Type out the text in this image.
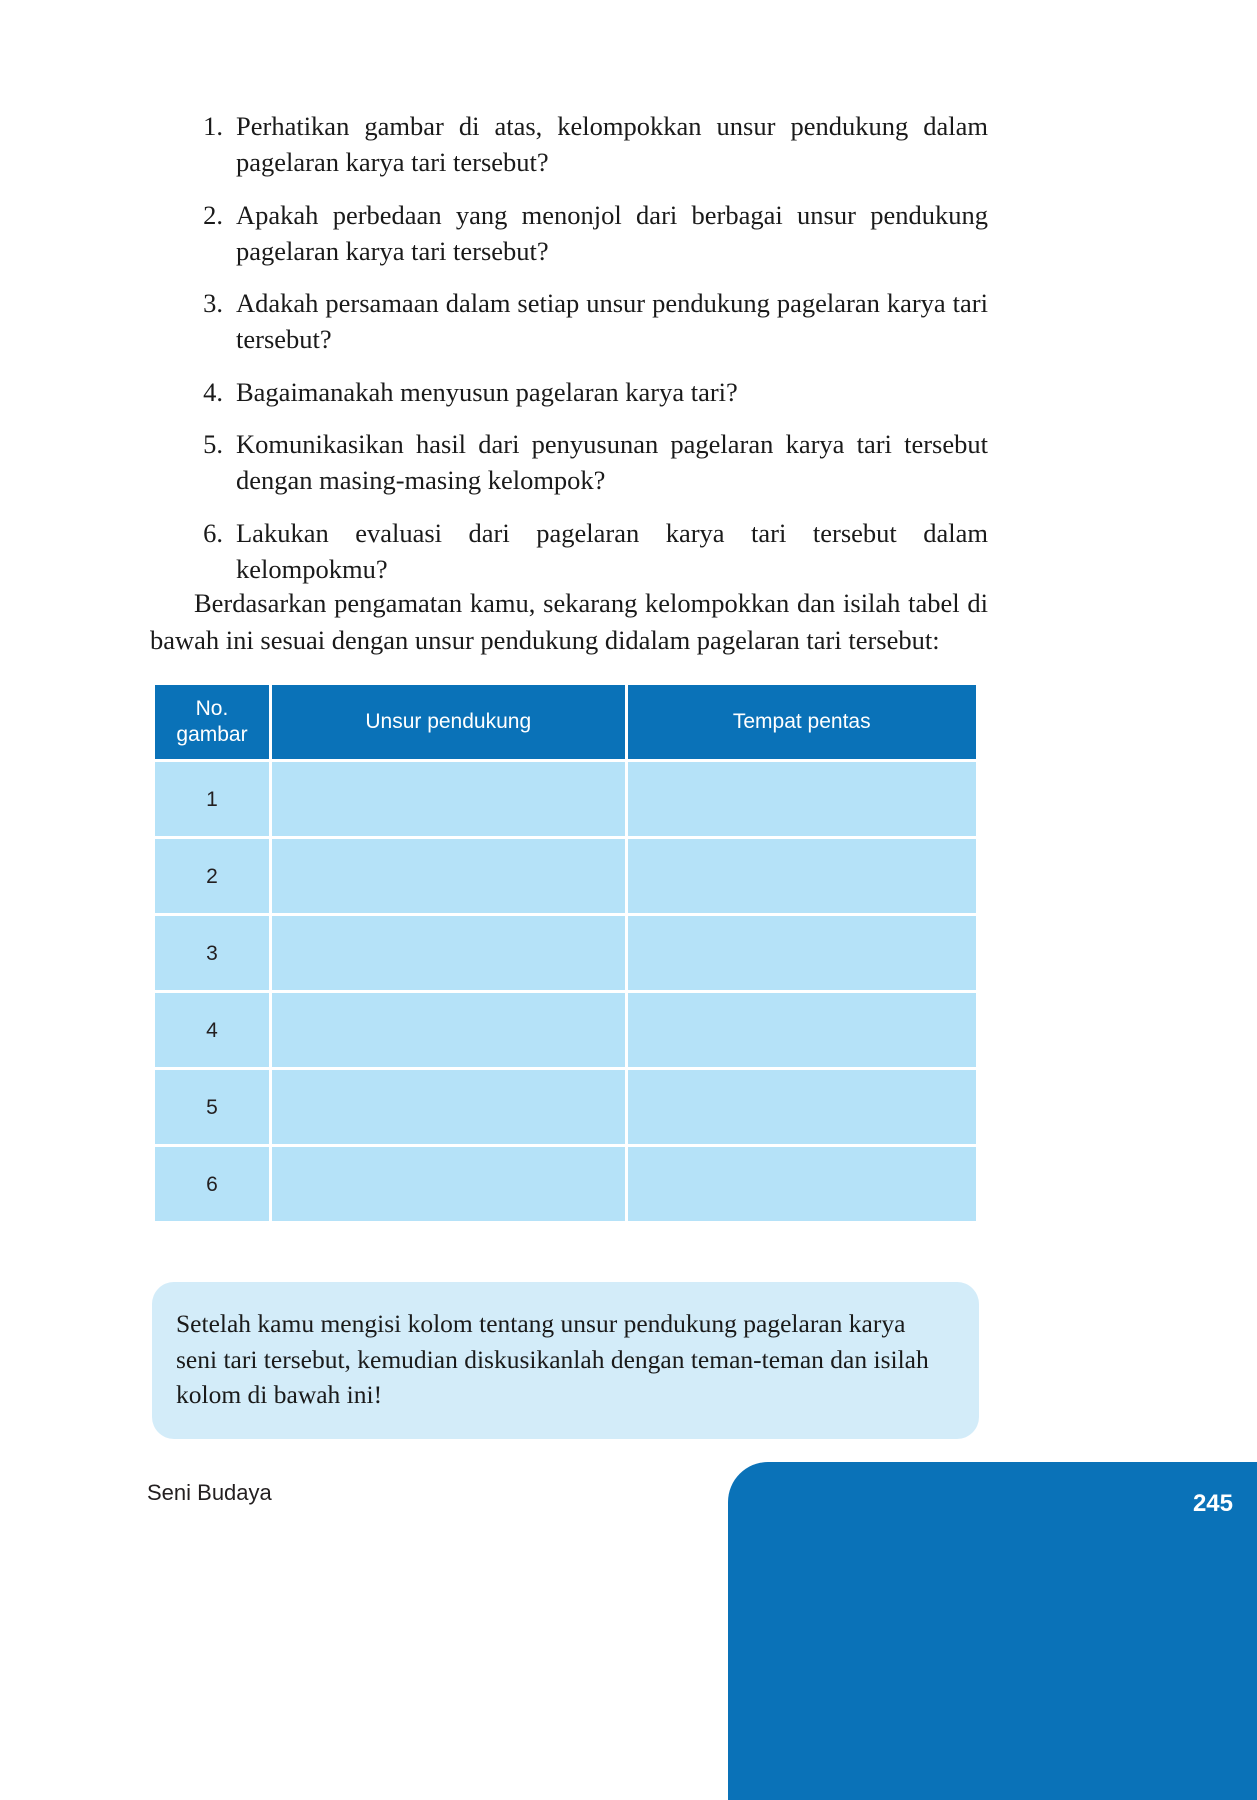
1. Perhatikan gambar di atas, kelompokkan unsur pendukung dalam pagelaran karya tari tersebut?
2. Apakah perbedaan yang menonjol dari berbagai unsur pendukung pagelaran karya tari tersebut?
3. Adakah persamaan dalam setiap unsur pendukung pagelaran karya tari tersebut?
4. Bagaimanakah menyusun pagelaran karya tari?
5. Komunikasikan hasil dari penyusunan pagelaran karya tari tersebut dengan masing-masing kelompok?
6. Lakukan evaluasi dari pagelaran karya tari tersebut dalam kelompokmu?

Berdasarkan pengamatan kamu, sekarang kelompokkan dan isilah tabel di bawah ini sesuai dengan unsur pendukung didalam pagelaran tari tersebut:

No.
gambar	Unsur pendukung	Tempat pentas
1		
2		
3		
4		
5		
6		
Setelah kamu mengisi kolom tentang unsur pendukung pagelaran karya seni tari tersebut, kemudian diskusikanlah dengan teman-teman dan isilah kolom di bawah ini!
Seni Budaya	245
